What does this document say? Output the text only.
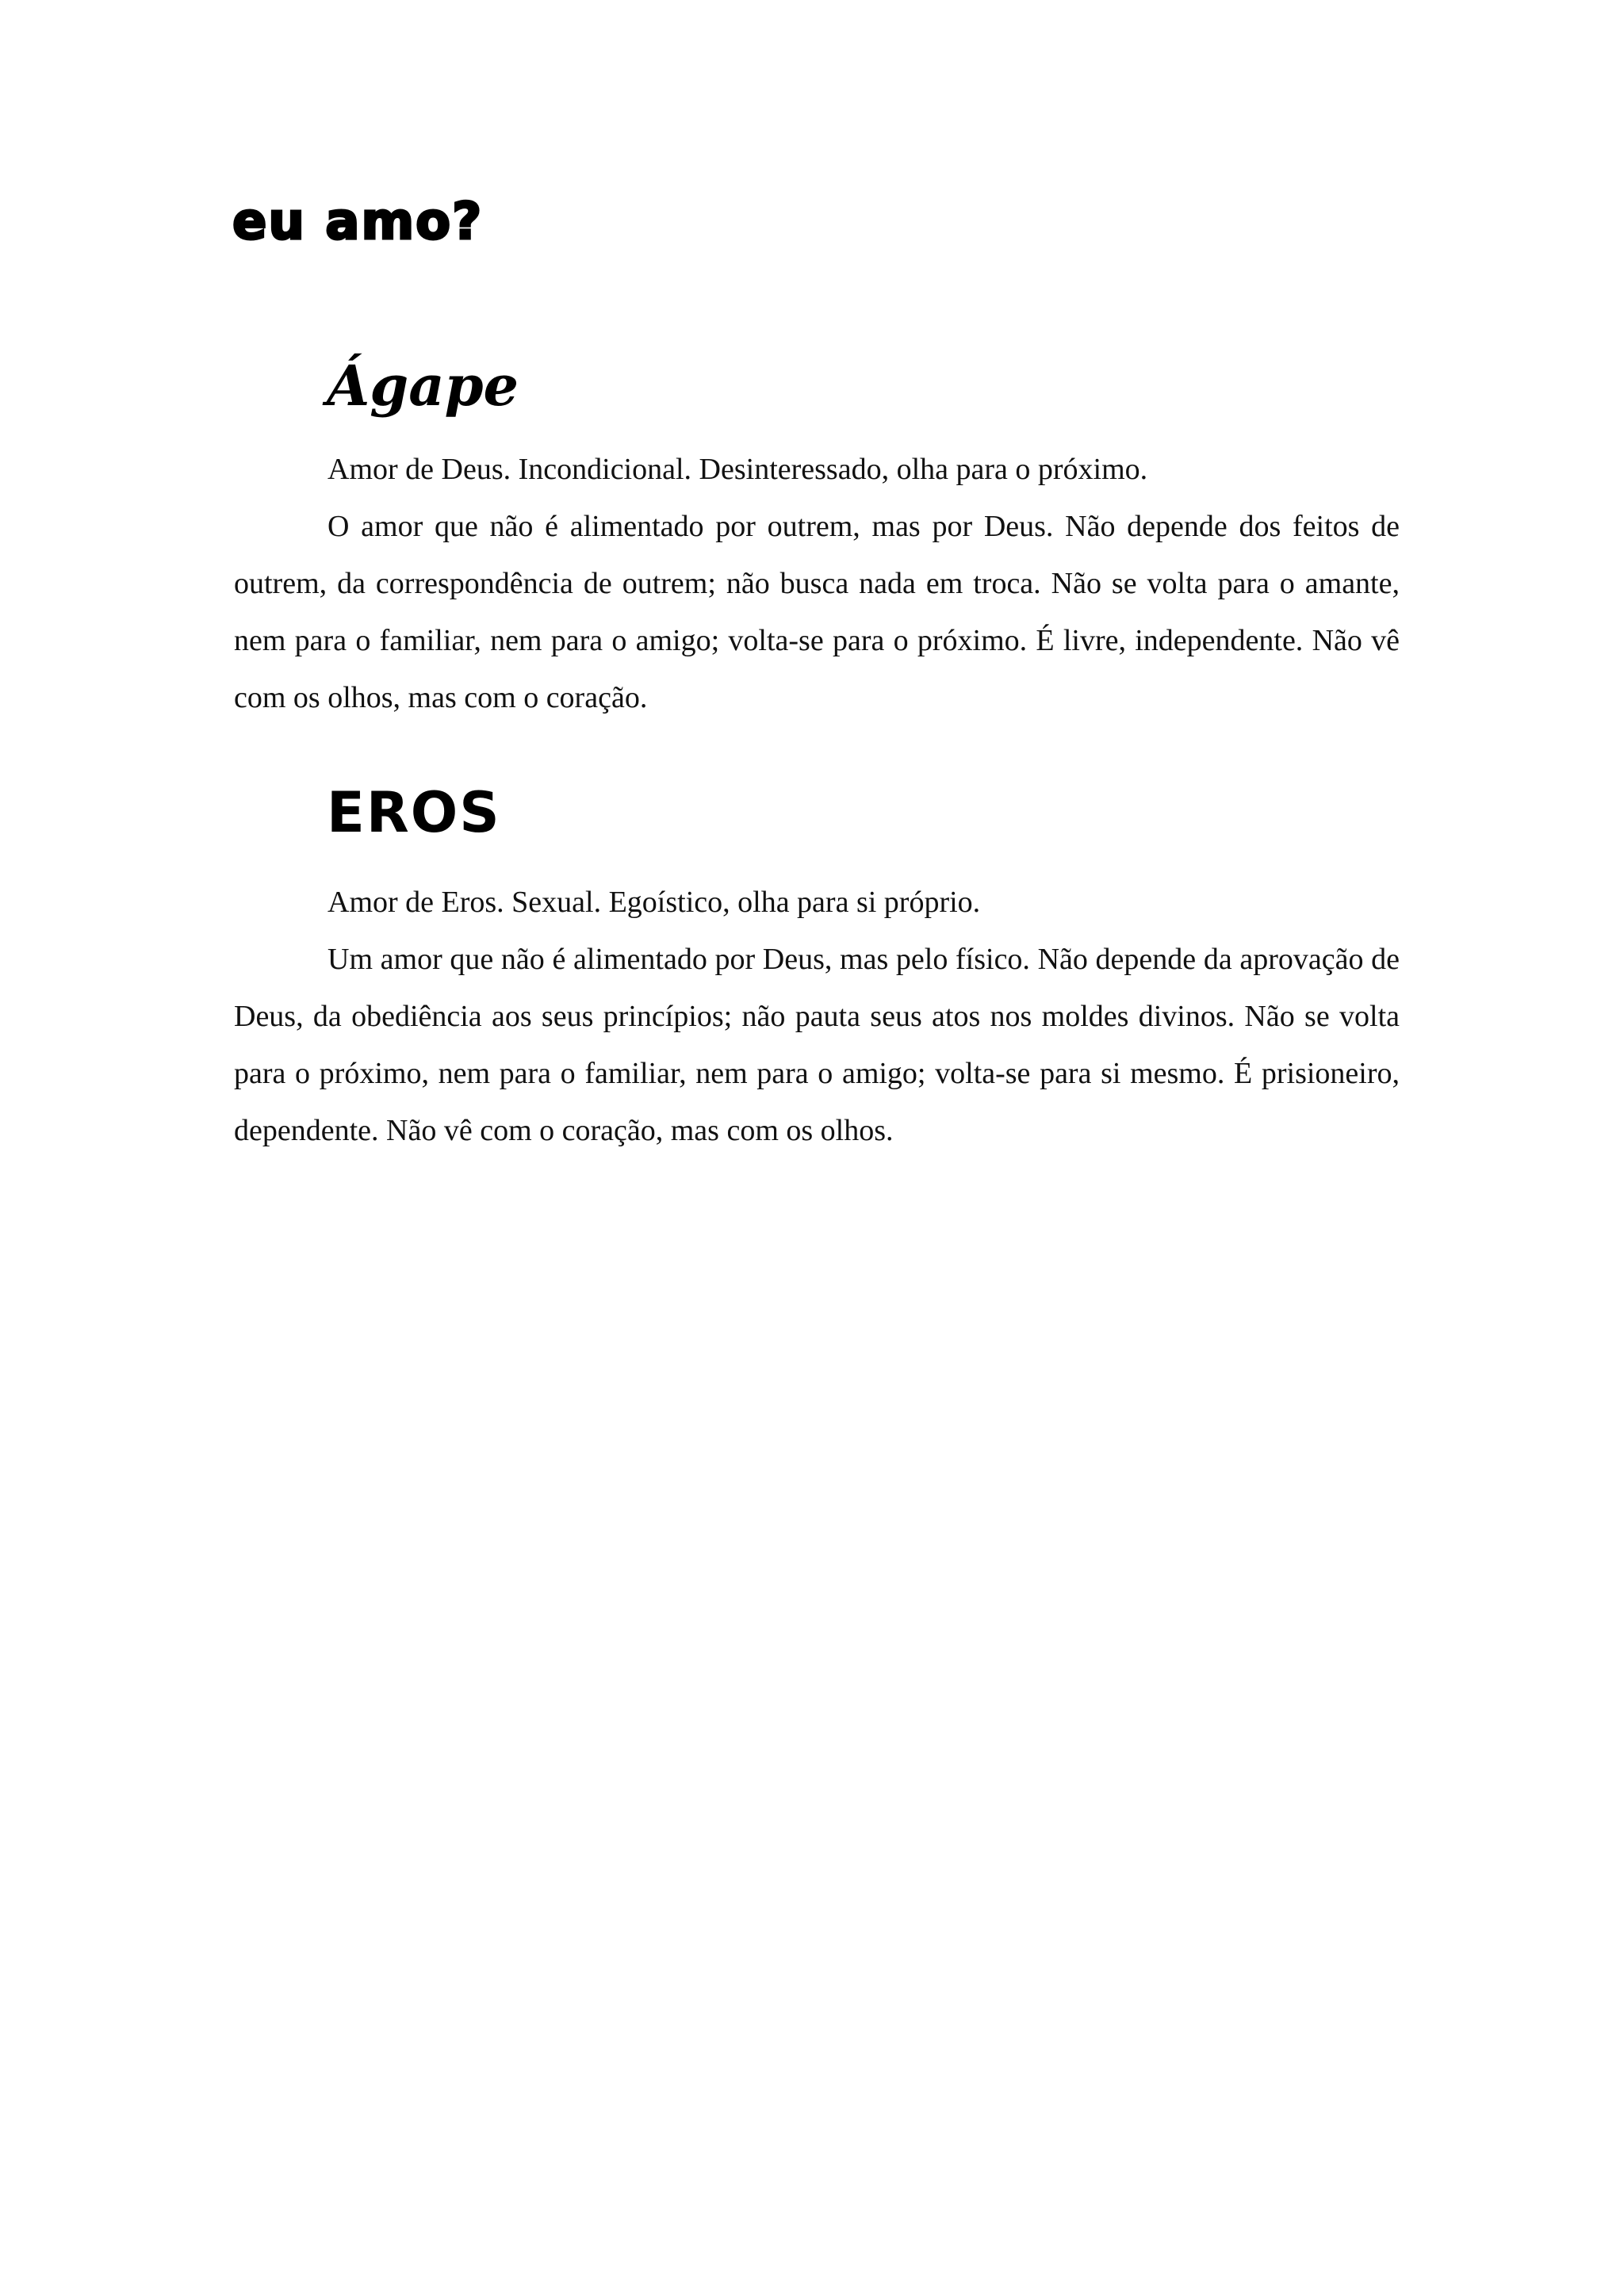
eu amo?
Ágape

Amor de Deus. Incondicional. Desinteressado, olha para o próximo.

O amor que não é alimentado por outrem, mas por Deus. Não depende dos feitos de outrem, da correspondência de outrem; não busca nada em troca. Não se volta para o amante, nem para o familiar, nem para o amigo; volta-se para o próximo. É livre, independente. Não vê com os olhos, mas com o coração.

EROS

Amor de Eros. Sexual. Egoístico, olha para si próprio.

Um amor que não é alimentado por Deus, mas pelo físico. Não depende da aprovação de Deus, da obediência aos seus princípios; não pauta seus atos nos moldes divinos. Não se volta para o próximo, nem para o familiar, nem para o amigo; volta-se para si mesmo. É prisioneiro, dependente. Não vê com o coração, mas com os olhos.
